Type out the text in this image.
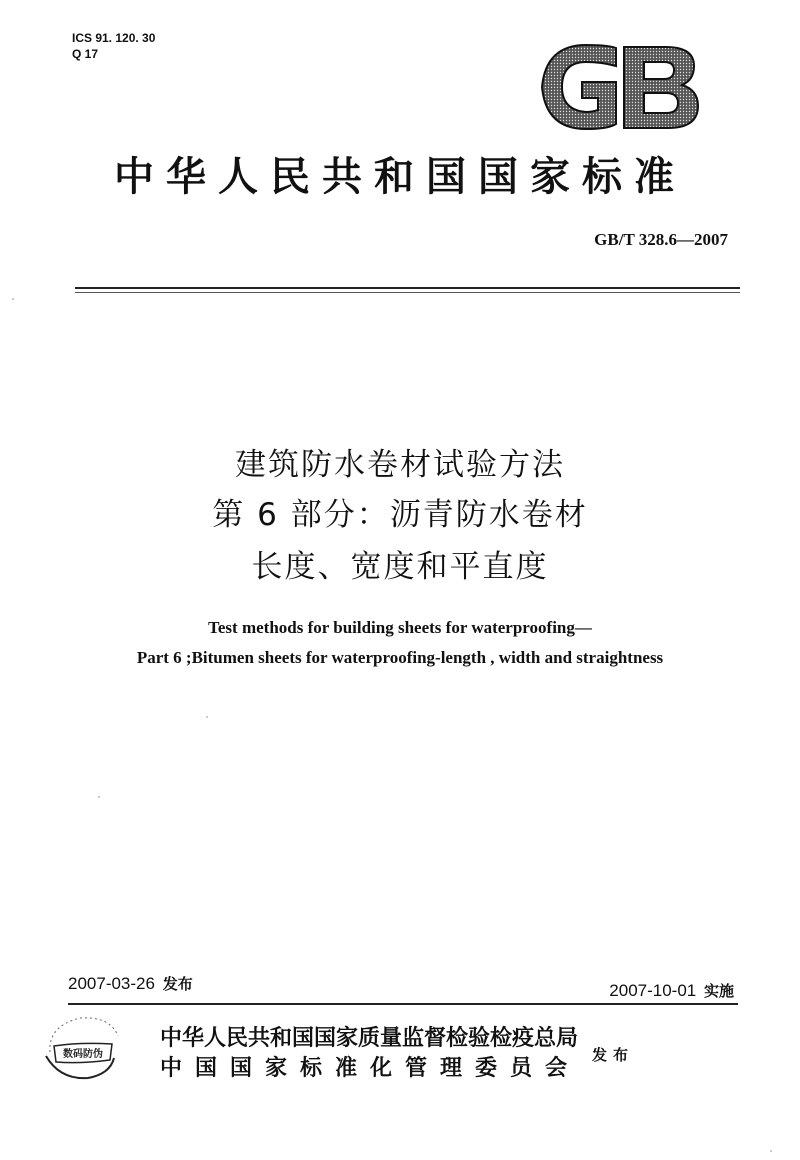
ICS 91. 120. 30
Q 17
中华人民共和国国家标准
GB/T 328.6—2007
建筑防水卷材试验方法
第 6 部分：沥青防水卷材
长度、宽度和平直度
Test methods for building sheets for waterproofing—
Part 6 ;Bitumen sheets for waterproofing-length , width and straightness
2007-03-26 发布	2007-10-01 实施
数码防伪
中华人民共和国国家质量监督检验检疫总局
中国国家标准化管理委员会 发布
